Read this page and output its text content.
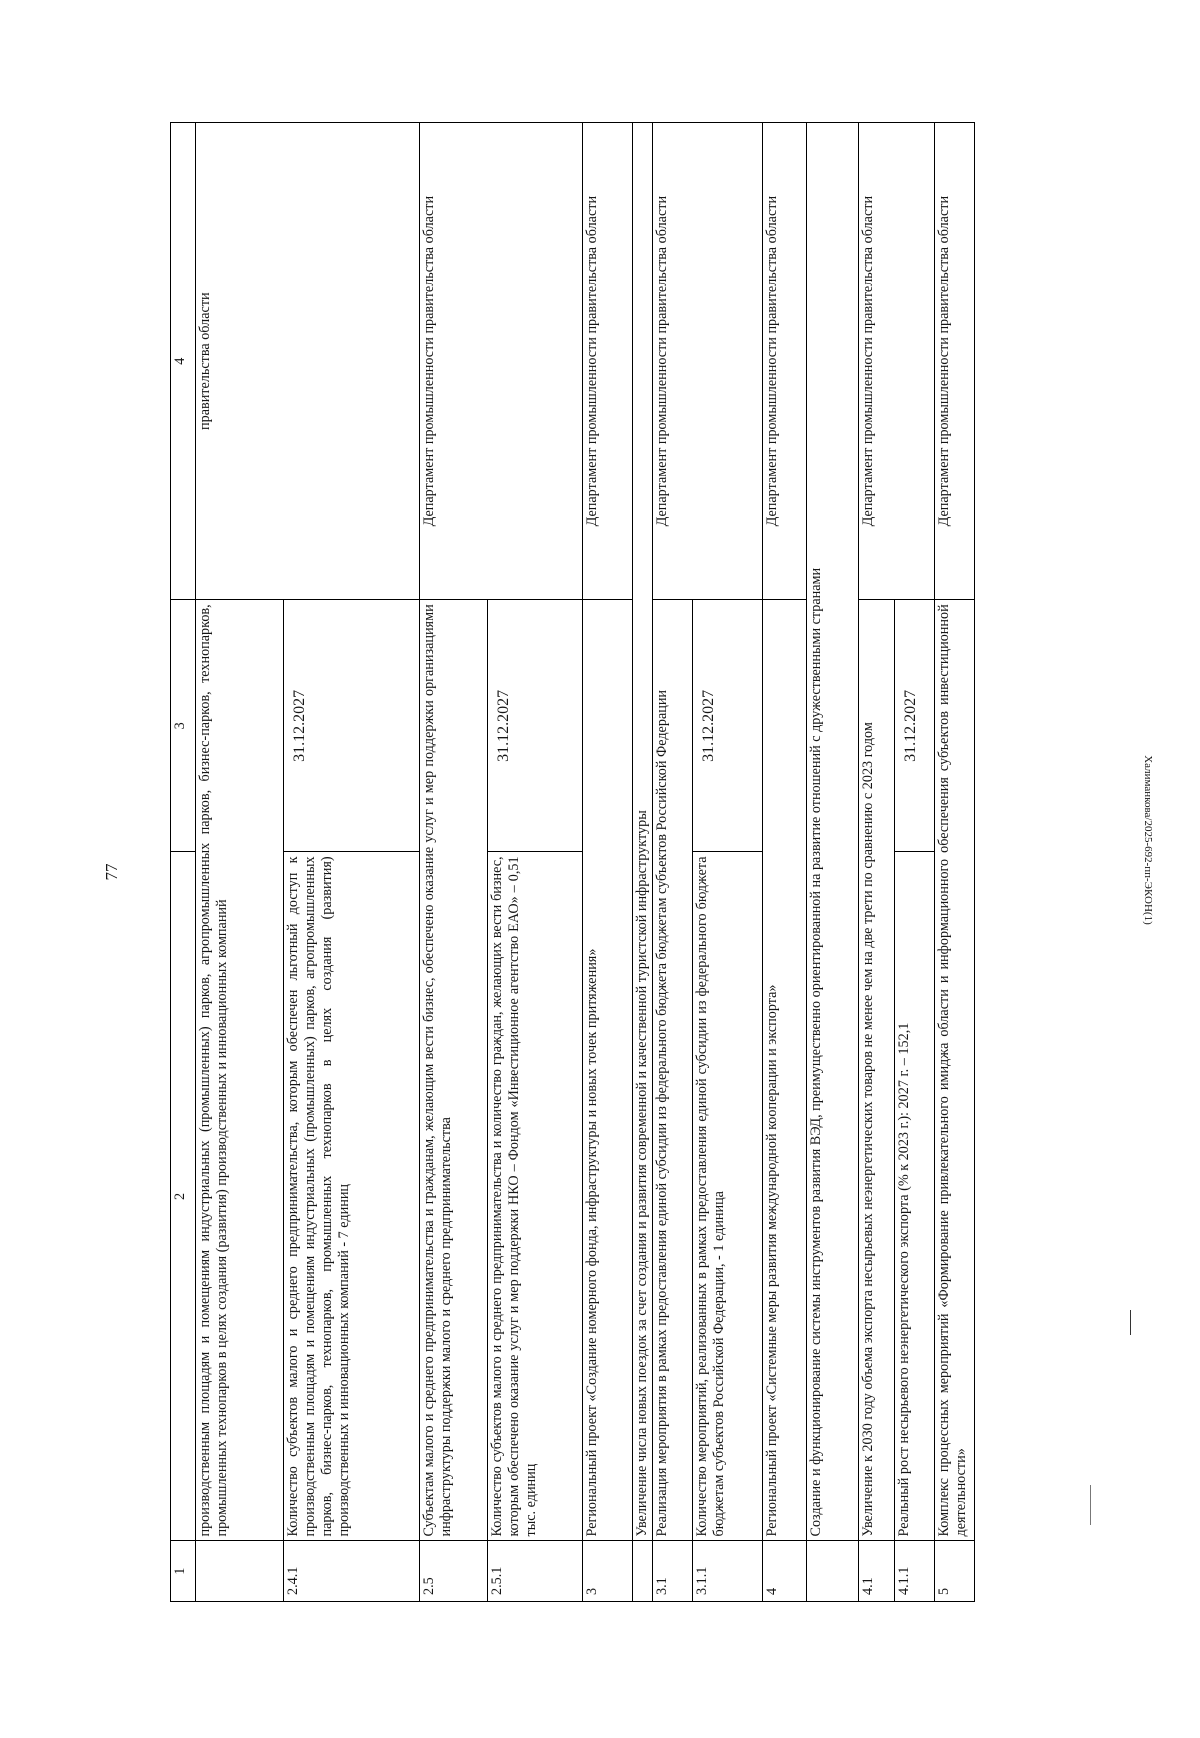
77
1	2	3	4
	производственным площадям и помещениям индустриальных (промышленных) парков, агропромышленных парков, бизнес-парков, технопарков, промышленных технопарков в целях создания (развития) производственных и инновационных компаний		правительства области
2.4.1	Количество субъектов малого и среднего предпринимательства, которым обеспечен льготный доступ к производственным площадям и помещениям индустриальных (промышленных) парков, агропромышленных парков, бизнес-парков, технопарков, промышленных технопарков в целях создания (развития) производственных и инновационных компаний - 7 единиц	31.12.2027	
2.5	Субъектам малого и среднего предпринимательства и гражданам, желающим вести бизнес, обеспечено оказание услуг и мер поддержки организациями инфраструктуры поддержки малого и среднего предпринимательства		Департамент промышленности правительства области
2.5.1	Количество субъектов малого и среднего предпринимательства и количество граждан, желающих вести бизнес, которым обеспечено оказание услуг и мер поддержки НКО – Фондом «Инвестиционное агентство ЕАО» – 0,51 тыс. единиц	31.12.2027	
3	Региональный проект «Создание номерного фонда, инфраструктуры и новых точек притяжения»		Департамент промышленности правительства области
	Увеличение числа новых поездок за счет создания и развития современной и качественной туристской инфраструктуры		
3.1	Реализация мероприятия в рамках предоставления единой субсидии из федерального бюджета бюджетам субъектов Российской Федерации		Департамент промышленности правительства области
3.1.1	Количество мероприятий, реализованных в рамках предоставления единой субсидии из федерального бюджета бюджетам субъектов Российской Федерации, - 1 единица	31.12.2027	
4	Региональный проект «Системные меры развития международной кооперации и экспорта»		Департамент промышленности правительства области
	Создание и функционирование системы инструментов развития ВЭД, преимущественно ориентированной на развитие отношений с дружественными странами		
4.1	Увеличение к 2030 году объема экспорта несырьевых неэнергетических товаров не менее чем на две трети по сравнению с 2023 годом		Департамент промышленности правительства области
4.1.1	Реальный рост несырьевого неэнергетического экспорта (% к 2023 г.): 2027 г. – 152,1	31.12.2027	
5	Комплекс процессных мероприятий «Формирование привлекательного имиджа области и информационного обеспечения субъектов инвестиционной деятельности»		Департамент промышленности правительства области
Халиманкова/2025-692-пп-ЭКОН(1)
